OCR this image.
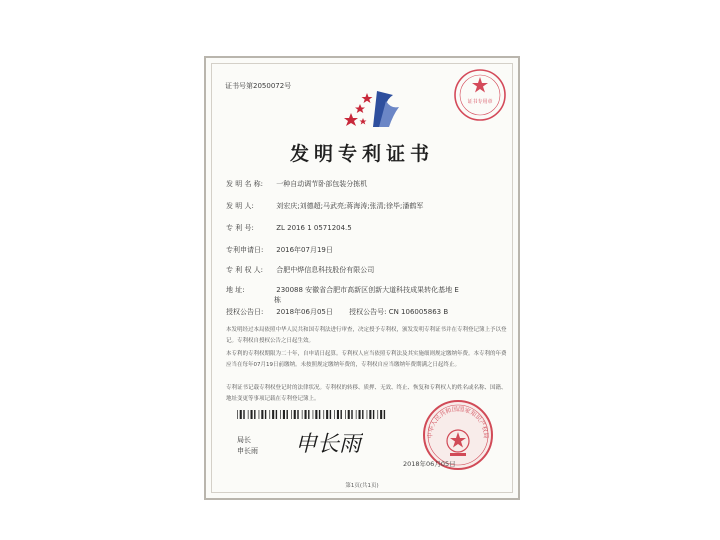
证书号第2050072号
证书专用章
发明专利证书
发 明 名 称: 一种自动调节卧部包装分拣机
发 明 人:	刘宏庆;刘德超;马武亮;蒋海涛;张清;徐毕;潘鹤军
专 利 号:	ZL 2016 1 0571204.5
专利申请日: 2016年07月19日
专 利 权 人: 合肥中烨信息科技股份有限公司
地 址:	230088 安徽省合肥市高新区创新大道科技成果转化基地 E
栋
授权公告日: 2018年06月05日 授权公告号: CN 106005863 B
本发明经过本局依照中华人民共和国专利法进行审查，决定授予专利权，颁发发明专利证书并在专利登记簿上予以登记。专利权自授权公告之日起生效。
本专利的专利权期限为二十年，自申请日起算。专利权人应当依照专利法及其实施细则规定缴纳年费。本专利的年费应当在每年07月19日前缴纳。未按照规定缴纳年费的，专利权自应当缴纳年费期满之日起终止。
专利证书记载专利权登记时的法律状况。专利权的转移、质押、无效、终止、恢复和专利权人的姓名或名称、国籍、地址变更等事项记载在专利登记簿上。
局长
申长雨 申长雨	中华人民共和国国家知识产权局
2018年06月05日
第1页(共1页)
